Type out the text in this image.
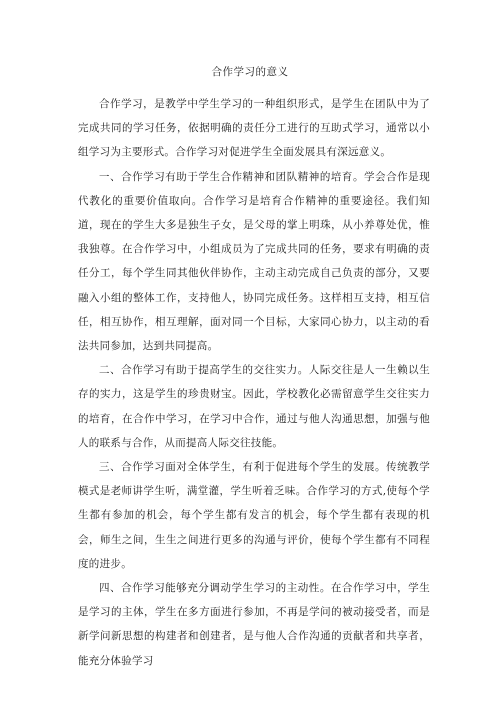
合作学习的意义

合作学习，是教学中学生学习的一种组织形式，是学生在团队中为了完成共同的学习任务，依据明确的责任分工进行的互助式学习，通常以小组学习为主要形式。合作学习对促进学生全面发展具有深远意义。

一、合作学习有助于学生合作精神和团队精神的培育。学会合作是现代教化的重要价值取向。合作学习是培育合作精神的重要途径。我们知道，现在的学生大多是独生子女，是父母的掌上明珠，从小养尊处优，惟我独尊。在合作学习中，小组成员为了完成共同的任务，要求有明确的责任分工，每个学生同其他伙伴协作，主动主动完成自己负责的部分，又要融入小组的整体工作，支持他人，协同完成任务。这样相互支持，相互信任，相互协作，相互理解，面对同一个目标，大家同心协力，以主动的看法共同参加，达到共同提高。

二、合作学习有助于提高学生的交往实力。人际交往是人一生赖以生存的实力，这是学生的珍贵财宝。因此，学校教化必需留意学生交往实力的培育，在合作中学习，在学习中合作，通过与他人沟通思想，加强与他人的联系与合作，从而提高人际交往技能。

三、合作学习面对全体学生，有利于促进每个学生的发展。传统教学模式是老师讲学生听，满堂灌，学生听着乏味。合作学习的方式,使每个学生都有参加的机会，每个学生都有发言的机会，每个学生都有表现的机会，师生之间，生生之间进行更多的沟通与评价，使每个学生都有不同程度的进步。

四、合作学习能够充分调动学生学习的主动性。在合作学习中，学生是学习的主体，学生在多方面进行参加，不再是学问的被动接受者，而是新学问新思想的构建者和创建者，是与他人合作沟通的贡献者和共享者，能充分体验学习
